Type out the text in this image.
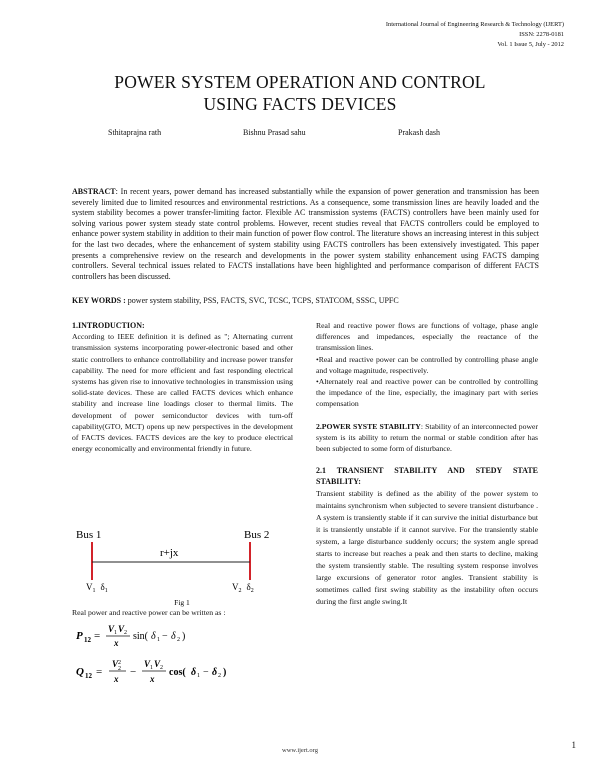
International Journal of Engineering Research & Technology (IJERT)
ISSN: 2278-0181
Vol. 1 Issue 5, July - 2012
POWER SYSTEM OPERATION AND CONTROL
USING FACTS DEVICES
Sthitaprajna rath	Bishnu Prasad sahu	Prakash dash
ABSTRACT: In recent years, power demand has increased substantially while the expansion of power generation and transmission has been severely limited due to limited resources and environmental restrictions. As a consequence, some transmission lines are heavily loaded and the system stability becomes a power transfer-limiting factor. Flexible AC transmission systems (FACTS) controllers have been mainly used for solving various power system steady state control problems. However, recent studies reveal that FACTS controllers could be employed to enhance power system stability in addition to their main function of power flow control. The literature shows an increasing interest in this subject for the last two decades, where the enhancement of system stability using FACTS controllers has been extensively investigated. This paper presents a comprehensive review on the research and developments in the power system stability enhancement using FACTS damping controllers. Several technical issues related to FACTS installations have been highlighted and performance comparison of different FACTS controllers has been discussed.
KEY WORDS : power system stability, PSS, FACTS, SVC, TCSC, TCPS, STATCOM, SSSC, UPFC

1.INTRODUCTION:

According to IEEE definition it is defined as "; Alternating current transmission systems incorporating power-electronic based and other static controllers to enhance controllability and increase power transfer capability. The need for more efficient and fast responding electrical systems has given rise to innovative technologies in transmission using solid-state devices. These are called FACTS devices which enhance stability and increase line loadings closer to thermal limits. The development of power semiconductor devices with turn-off capability(GTO, MCT) opens up new perspectives in the development of FACTS devices. FACTS devices are the key to produce electrical energy economically and environmental friendly in future.

Bus 1	Bus 2
r+jx
$V_1$ $\delta_1$	$V_2$ $\delta_2$
Fig 1
Real power and reactive power can be written as :
P 12 =
V 1 V 2
x
sin( δ 1 − δ 2 )
Q 12 =
V 2
2
x
−
V 1 V 2
x
cos( δ 1 − δ 2 )

Real and reactive power flows are functions of voltage, phase angle differences and impedances, especially the reactance of the transmission lines.

•Real and reactive power can be controlled by controlling phase angle and voltage magnitude, respectively.

•Alternately real and reactive power can be controlled by controlling the impedance of the line, especially, the imaginary part with series compensation

2.POWER SYSTE STABILITY: Stability of an interconnected power system is its ability to return the normal or stable condition after has been subjected to some form of disturbance.

2.1 TRANSIENT STABILITY AND STEDY STATE STABILITY:

Transient stability is defined as the ability of the power system to maintains synchronism when subjected to severe transient disturbance . A system is transiently stable if it can survive the initial disturbance but it is transiently unstable if it cannot survive. For the transiently stable system, a large disturbance suddenly occurs; the system angle spread starts to increase but reaches a peak and then starts to decline, making the system transiently stable. The resulting system response involves large excursions of generator rotor angles. Transient stability is sometimes called first swing stability as the instability often occurs during the first angle swing.It

www.ijert.org
1
